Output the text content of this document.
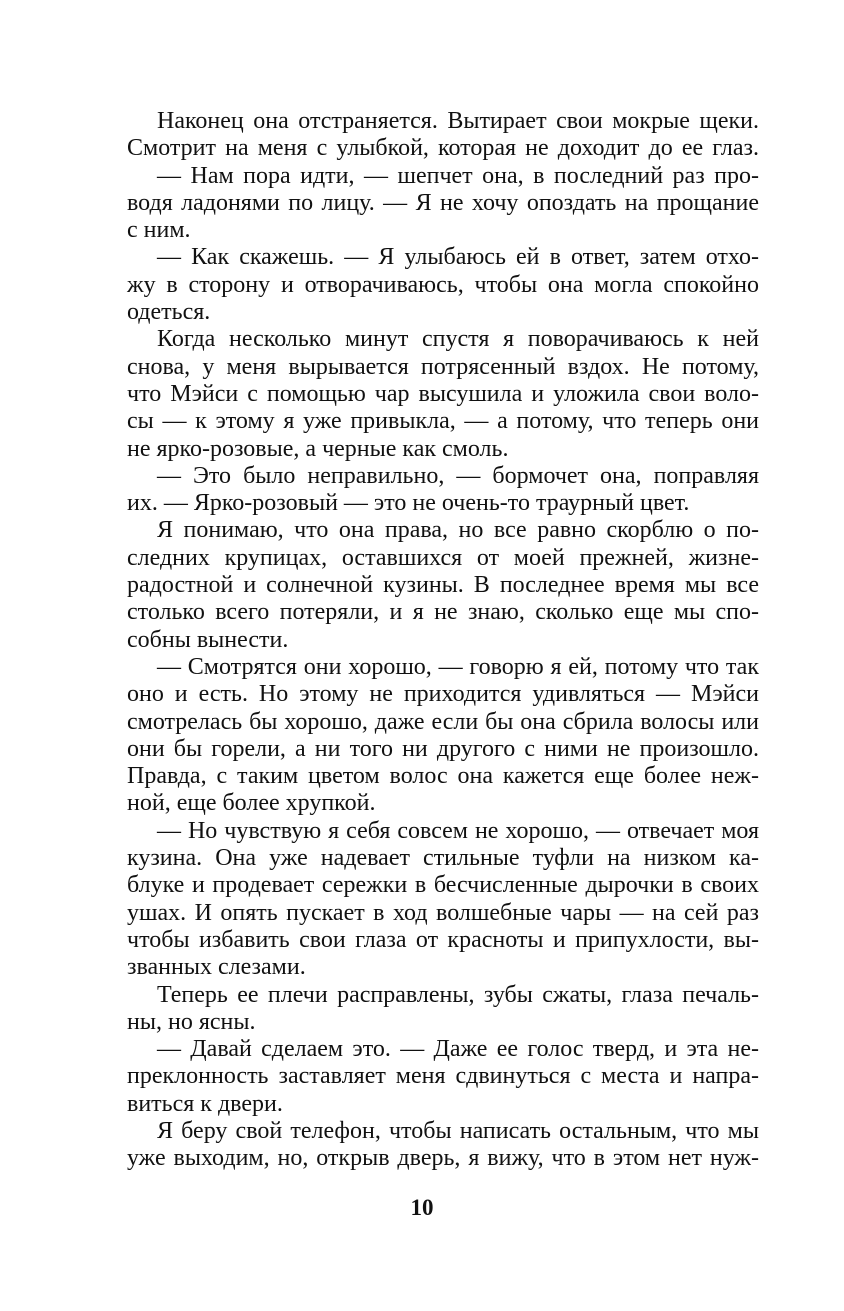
Наконец она отстраняется. Вытирает свои мокрые щеки.
Смотрит на меня с улыбкой, которая не доходит до ее глаз.
— Нам пора идти, — шепчет она, в последний раз про-
водя ладонями по лицу. — Я не хочу опоздать на прощание
с ним.
— Как скажешь. — Я улыбаюсь ей в ответ, затем отхо-
жу в сторону и отворачиваюсь, чтобы она могла спокойно
одеться.
Когда несколько минут спустя я поворачиваюсь к ней
снова, у меня вырывается потрясенный вздох. Не потому,
что Мэйси с помощью чар высушила и уложила свои воло-
сы — к этому я уже привыкла, — а потому, что теперь они
не ярко-розовые, а черные как смоль.
— Это было неправильно, — бормочет она, поправляя
их. — Ярко-розовый — это не очень-то траурный цвет.
Я понимаю, что она права, но все равно скорблю о по-
следних крупицах, оставшихся от моей прежней, жизне-
радостной и солнечной кузины. В последнее время мы все
столько всего потеряли, и я не знаю, сколько еще мы спо-
собны вынести.
— Смотрятся они хорошо, — говорю я ей, потому что так
оно и есть. Но этому не приходится удивляться — Мэйси
смотрелась бы хорошо, даже если бы она сбрила волосы или
они бы горели, а ни того ни другого с ними не произошло.
Правда, с таким цветом волос она кажется еще более неж-
ной, еще более хрупкой.
— Но чувствую я себя совсем не хорошо, — отвечает моя
кузина. Она уже надевает стильные туфли на низком ка-
блуке и продевает сережки в бесчисленные дырочки в своих
ушах. И опять пускает в ход волшебные чары — на сей раз
чтобы избавить свои глаза от красноты и припухлости, вы-
званных слезами.
Теперь ее плечи расправлены, зубы сжаты, глаза печаль-
ны, но ясны.
— Давай сделаем это. — Даже ее голос тверд, и эта не-
преклонность заставляет меня сдвинуться с места и напра-
виться к двери.
Я беру свой телефон, чтобы написать остальным, что мы
уже выходим, но, открыв дверь, я вижу, что в этом нет нуж-
10
